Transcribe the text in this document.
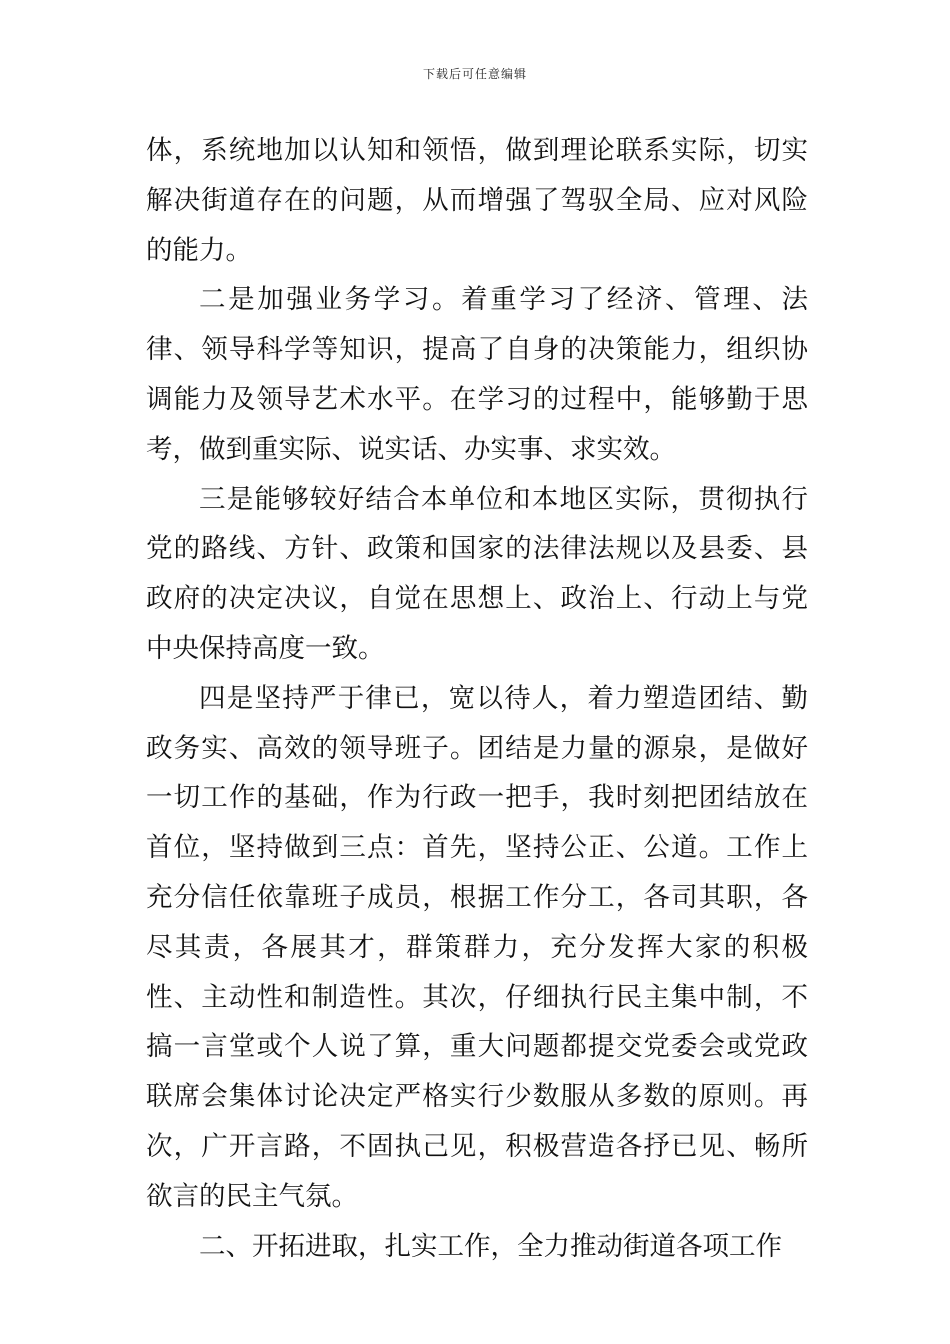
下载后可任意编辑

体，系统地加以认知和领悟，做到理论联系实际，切实解决街道存在的问题，从而增强了驾驭全局、应对风险的能力。

二是加强业务学习。着重学习了经济、管理、法律、领导科学等知识，提高了自身的决策能力，组织协调能力及领导艺术水平。在学习的过程中，能够勤于思考，做到重实际、说实话、办实事、求实效。

三是能够较好结合本单位和本地区实际，贯彻执行党的路线、方针、政策和国家的法律法规以及县委、县政府的决定决议，自觉在思想上、政治上、行动上与党中央保持高度一致。

四是坚持严于律已，宽以待人，着力塑造团结、勤政务实、高效的领导班子。团结是力量的源泉，是做好一切工作的基础，作为行政一把手，我时刻把团结放在首位，坚持做到三点：首先，坚持公正、公道。工作上充分信任依靠班子成员，根据工作分工，各司其职，各尽其责，各展其才，群策群力，充分发挥大家的积极性、主动性和制造性。其次，仔细执行民主集中制，不搞一言堂或个人说了算，重大问题都提交党委会或党政联席会集体讨论决定严格实行少数服从多数的原则。再次，广开言路，不固执己见，积极营造各抒已见、畅所欲言的民主气氛。

二、开拓进取，扎实工作，全力推动街道各项工作
